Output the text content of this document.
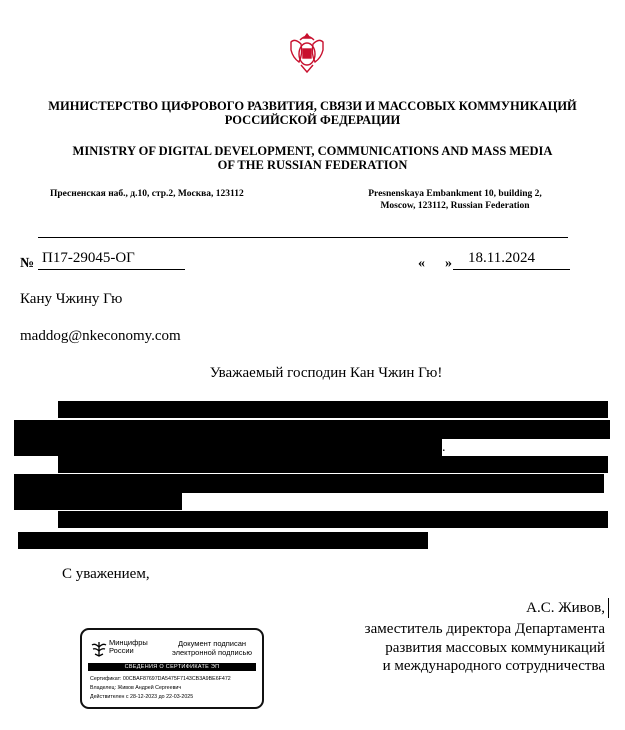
МИНИСТЕРСТВО ЦИФРОВОГО РАЗВИТИЯ, СВЯЗИ И МАССОВЫХ КОММУНИКАЦИЙ
РОССИЙСКОЙ ФЕДЕРАЦИИ
MINISTRY OF DIGITAL DEVELOPMENT, COMMUNICATIONS AND MASS MEDIA
OF THE RUSSIAN FEDERATION
Пресненская наб., д.10, стр.2, Москва, 123112	Presnenskaya Embankment 10, building 2,
Moscow, 123112, Russian Federation
№ П17-29045-ОГ	« » 18.11.2024
Кану Чжину Гю
maddog@nkeconomy.com
Уважаемый господин Кан Чжин Гю!
.
С уважением,
А.С. Живов,
заместитель директора Департамента
развития массовых коммуникаций
и международного сотрудничества
Минцифры
России
Документ подписан
электронной подписью
СВЕДЕНИЯ О СЕРТИФИКАТЕ ЭП
Сертификат: 00CBAF87697DA5475F7143CB3A9BE6F472
Владелец: Живов Андрей Сергеевич
Действителен с 28-12-2023 до 22-03-2025
